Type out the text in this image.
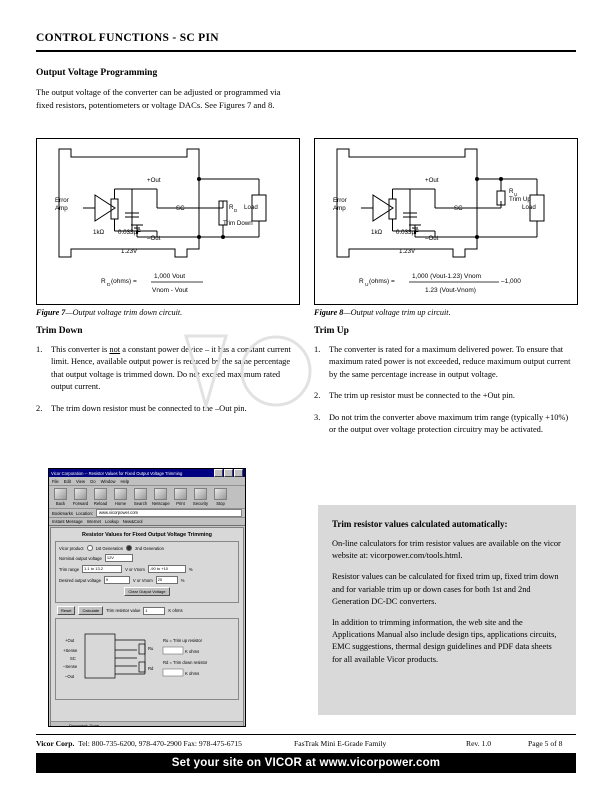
CONTROL FUNCTIONS - SC PIN
Output Voltage Programming
The output voltage of the converter can be adjusted or programmed via fixed resistors, potentiometers or voltage DACs. See Figures 7 and 8.
+Out
–Out
SC	Load
Error
Amp
1kΩ 0.033µF
1.23V
R D
Trim Down
R
D
(ohms) =
1,000 Vout
Vnom - Vout
Figure 7—Output voltage trim down circuit.
+Out
–Out
SC	Load
Error
Amp
1kΩ 0.033µF
1.23V
R U
Trim Up
R
U
(ohms) =
1,000 (Vout-1.23) Vnom
1.23 (Vout-Vnom)
–1,000
Figure 8—Output voltage trim up circuit.
Trim Down
1. This converter is not a constant power device – it has a constant current limit. Hence, available output power is reduced by the same percentage that output voltage is trimmed down. Do not exceed maximum rated output current.
2. The trim down resistor must be connected to the –Out pin.
Trim Up
1. The converter is rated for a maximum delivered power. To ensure that maximum rated power is not exceeded, reduce maximum output current by the same percentage increase in output voltage.
2. The trim up resistor must be connected to the +Out pin.
3. Do not trim the converter above maximum trim range (typically +10%) or the output over voltage protection circuitry may be activated.
Vicor Corporation -- Resistor Values for Fixed Output Voltage Trimming
File Edit View Go Window Help
Back	Forward	Reload	Home	Search	Netscape	Print	Security	Stop
Bookmarks Location:	www.vicorpower.com
Instant Message Internet Lookup New&Cool
Resistor Values for Fixed Output Voltage Trimming
Vicor product	1st Generation	2nd Generation
Nominal output voltage	12V
Trim range	1.1 to 13.2	V or Vnom	-90 to +10	%
Desired output voltage	9	V or Vnom	25	%
Clear Output Voltage
Reset	Calculate	Trim resistor value	1	K ohms
+Out
+Sense
SC
–Sense
–Out
Ru
Rd
Ru = Trim up resistor
K ohms
Rd = Trim down resistor
K ohms
Document: Done
Trim resistor values calculated automatically:

On-line calculators for trim resistor values are available on the vicor website at: vicorpower.com/tools.html.

Resistor values can be calculated for fixed trim up, fixed trim down and for variable trim up or down cases for both 1st and 2nd Generation DC-DC converters.

In addition to trimming information, the web site and the Applications Manual also include design tips, applications circuits, EMC suggestions, thermal design guidelines and PDF data sheets for all available Vicor products.

Vicor Corp. Tel: 800-735-6200, 978-470-2900 Fax: 978-475-6715	FasTrak Mini E-Grade Family	Rev. 1.0	Page 5 of 8
Set your site on VICOR at www.vicorpower.com
